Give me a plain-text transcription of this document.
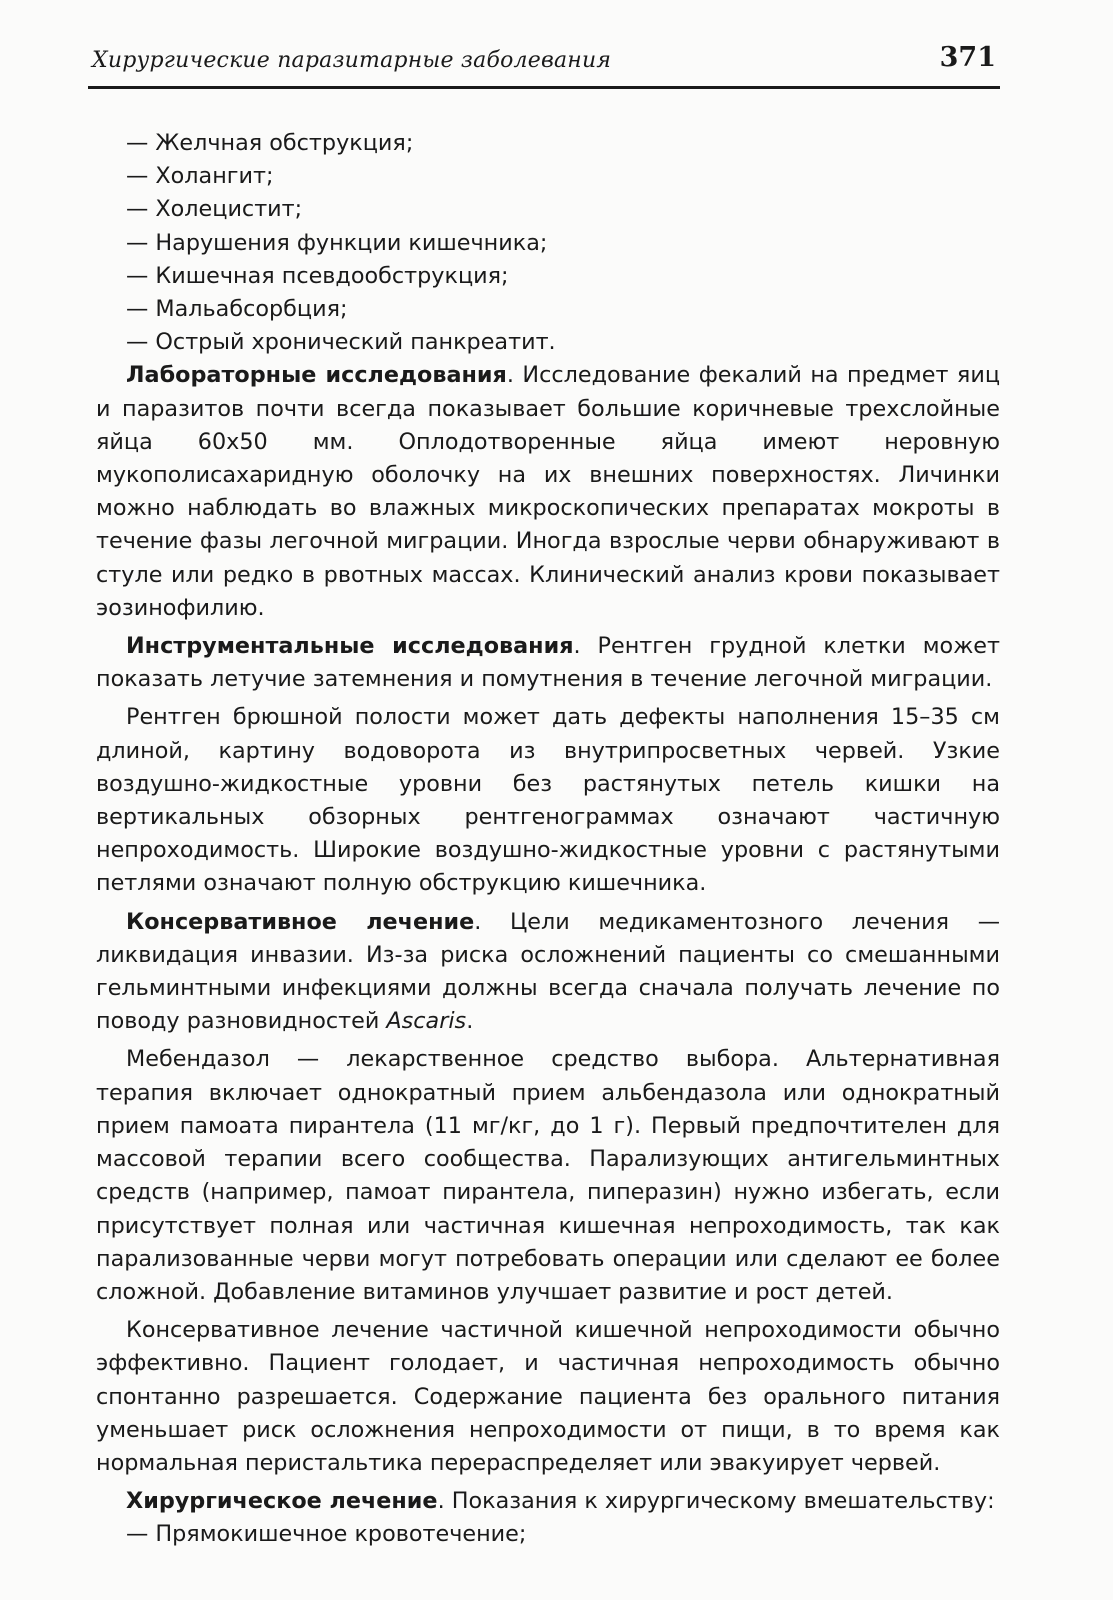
Хирургические паразитарные заболевания	371

— Желчная обструкция;

— Холангит;

— Холецистит;

— Нарушения функции кишечника;

— Кишечная псевдообструкция;

— Мальабсорбция;

— Острый хронический панкреатит.

Лабораторные исследования. Исследование фекалий на предмет яиц и паразитов почти всегда показывает большие коричневые трехслойные яйца 60x50 мм. Оплодотворенные яйца имеют неровную мукополисахаридную оболочку на их внешних поверхностях. Личинки можно наблюдать во влажных микроскопических препаратах мокроты в течение фазы легочной миграции. Иногда взрослые черви обнаруживают в стуле или редко в рвотных массах. Клинический анализ крови показывает эозинофилию.

Инструментальные исследования. Рентген грудной клетки может показать летучие затемнения и помутнения в течение легочной миграции.

Рентген брюшной полости может дать дефекты наполнения 15–35 см длиной, картину водоворота из внутрипросветных червей. Узкие воздушно-жидкостные уровни без растянутых петель кишки на вертикальных обзорных рентгенограммах означают частичную непроходимость. Широкие воздушно-жидкостные уровни с растянутыми петлями означают полную обструкцию кишечника.

Консервативное лечение. Цели медикаментозного лечения — ликвидация инвазии. Из-за риска осложнений пациенты со смешанными гельминтными инфекциями должны всегда сначала получать лечение по поводу разновидностей Ascaris.

Мебендазол — лекарственное средство выбора. Альтернативная терапия включает однократный прием альбендазола или однократный прием памоата пирантела (11 мг/кг, до 1 г). Первый предпочтителен для массовой терапии всего сообщества. Парализующих антигельминтных средств (например, памоат пирантела, пиперазин) нужно избегать, если присутствует полная или частичная кишечная непроходимость, так как парализованные черви могут потребовать операции или сделают ее более сложной. Добавление витаминов улучшает развитие и рост детей.

Консервативное лечение частичной кишечной непроходимости обычно эффективно. Пациент голодает, и частичная непроходимость обычно спонтанно разрешается. Содержание пациента без орального питания уменьшает риск осложнения непроходимости от пищи, в то время как нормальная перистальтика перераспределяет или эвакуирует червей.

Хирургическое лечение. Показания к хирургическому вмешательству:

— Прямокишечное кровотечение;
